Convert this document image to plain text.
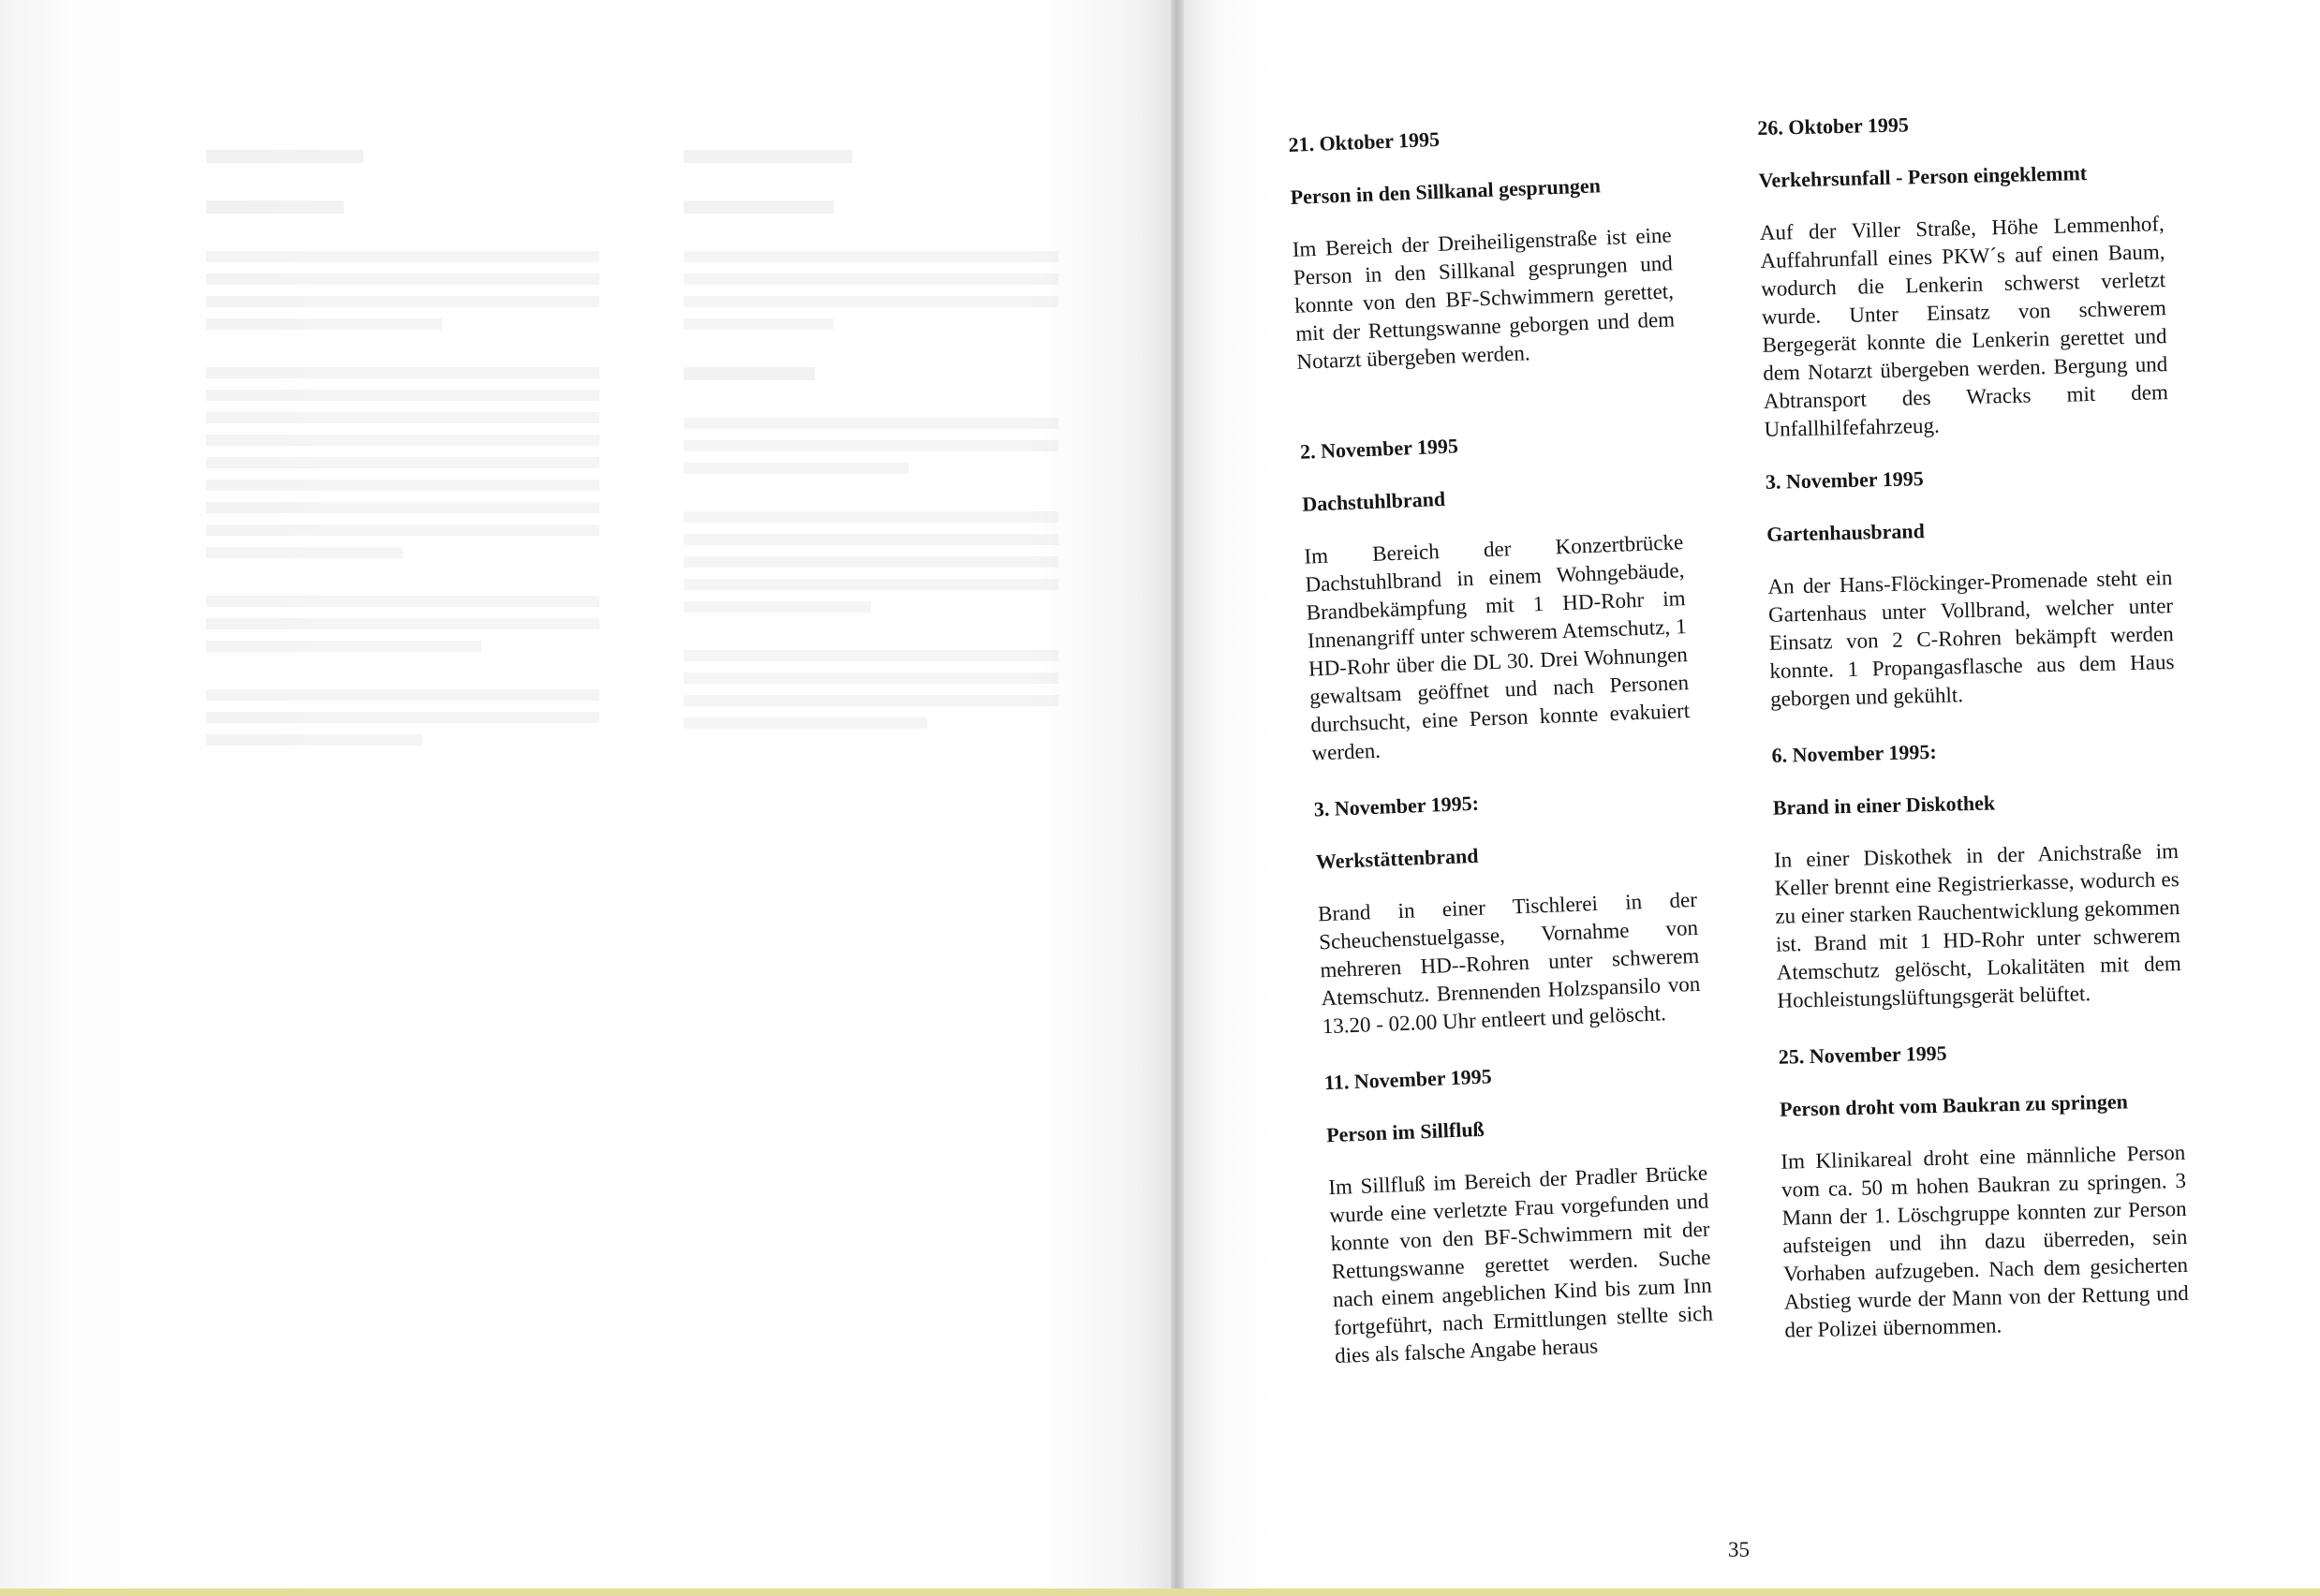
21. Oktober 1995

Person in den Sillkanal gesprungen

Im Bereich der Dreiheiligenstraße ist eine Person in den Sillkanal gesprungen und konnte von den BF-Schwimmern gerettet, mit der Rettungswanne geborgen und dem Notarzt übergeben werden.

2. November 1995

Dachstuhlbrand

Im Bereich der Konzertbrücke Dachstuhlbrand in einem Wohngebäude, Brandbekämpfung mit 1 HD-Rohr im Innenangriff unter schwerem Atemschutz, 1 HD-Rohr über die DL 30. Drei Wohnungen gewaltsam geöffnet und nach Personen durchsucht, eine Person konnte evakuiert werden.

3. November 1995:

Werkstättenbrand

Brand in einer Tischlerei in der Scheuchenstuelgasse, Vornahme von mehreren HD--Rohren unter schwerem Atemschutz. Brennenden Holzspansilo von 13.20 - 02.00 Uhr entleert und gelöscht.

11. November 1995

Person im Sillfluß

Im Sillfluß im Bereich der Pradler Brücke wurde eine verletzte Frau vorgefunden und konnte von den BF-Schwimmern mit der Rettungswanne gerettet werden. Suche nach einem angeblichen Kind bis zum Inn fortgeführt, nach Ermittlungen stellte sich dies als falsche Angabe heraus

26. Oktober 1995

Verkehrsunfall - Person eingeklemmt

Auf der Viller Straße, Höhe Lemmenhof, Auffahrunfall eines PKW´s auf einen Baum, wodurch die Lenkerin schwerst verletzt wurde. Unter Einsatz von schwerem Bergegerät konnte die Lenkerin gerettet und dem Notarzt übergeben werden. Bergung und Abtransport des Wracks mit dem Unfallhilfefahrzeug.

3. November 1995

Gartenhausbrand

An der Hans-Flöckinger-Promenade steht ein Gartenhaus unter Vollbrand, welcher unter Einsatz von 2 C-Rohren bekämpft werden konnte. 1 Propangasflasche aus dem Haus geborgen und gekühlt.

6. November 1995:

Brand in einer Diskothek

In einer Diskothek in der Anichstraße im Keller brennt eine Registrierkasse, wodurch es zu einer starken Rauchentwicklung gekommen ist. Brand mit 1 HD-Rohr unter schwerem Atemschutz gelöscht, Lokalitäten mit dem Hochleistungslüftungsgerät belüftet.

25. November 1995

Person droht vom Baukran zu springen

Im Klinikareal droht eine männliche Person vom ca. 50 m hohen Baukran zu springen. 3 Mann der 1. Löschgruppe konnten zur Person aufsteigen und ihn dazu überreden, sein Vorhaben aufzugeben. Nach dem gesicherten Abstieg wurde der Mann von der Rettung und der Polizei übernommen.

35
